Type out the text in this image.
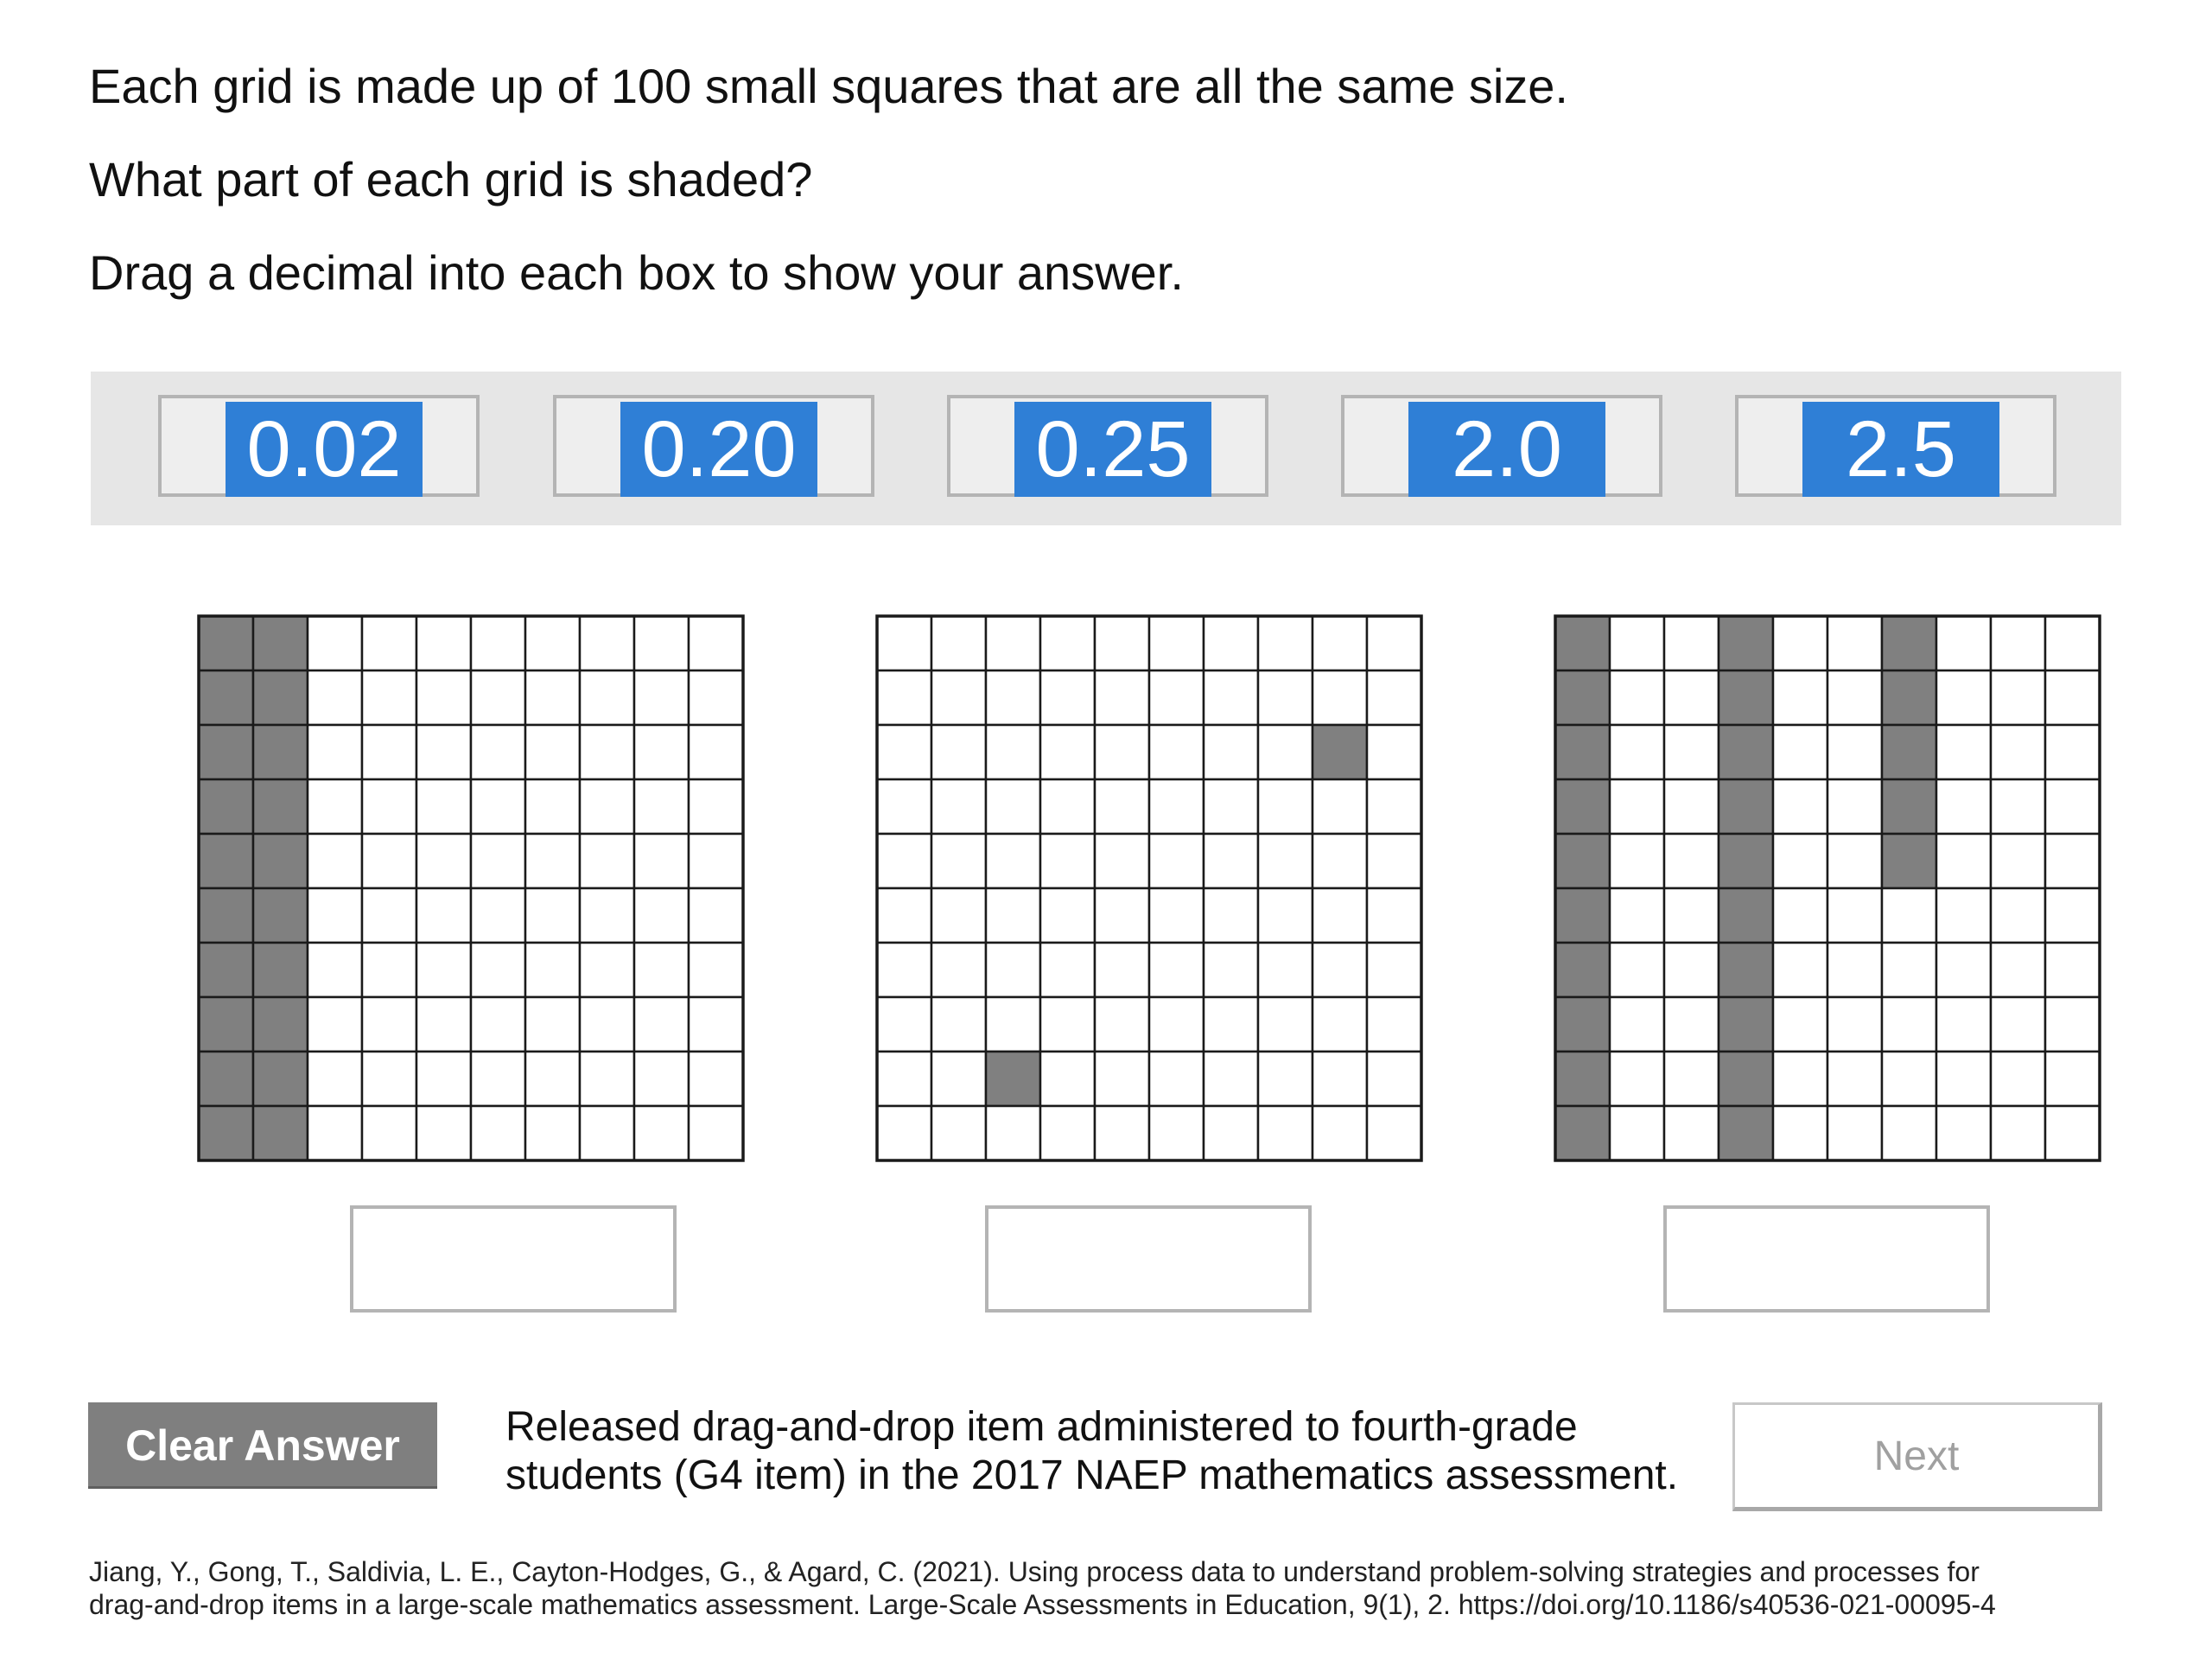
Each grid is made up of 100 small squares that are all the same size.

What part of each grid is shaded?

Drag a decimal into each box to show your answer.

0.02	0.20	0.25	2.0	2.5
Clear Answer	Released drag-and-drop item administered to fourth-grade

students (G4 item) in the 2017 NAEP mathematics assessment.	Next

Jiang, Y., Gong, T., Saldivia, L. E., Cayton-Hodges, G., & Agard, C. (2021). Using process data to understand problem-solving strategies and processes for

drag-and-drop items in a large-scale mathematics assessment. Large-Scale Assessments in Education, 9(1), 2. https://doi.org/10.1186/s40536-021-00095-4
